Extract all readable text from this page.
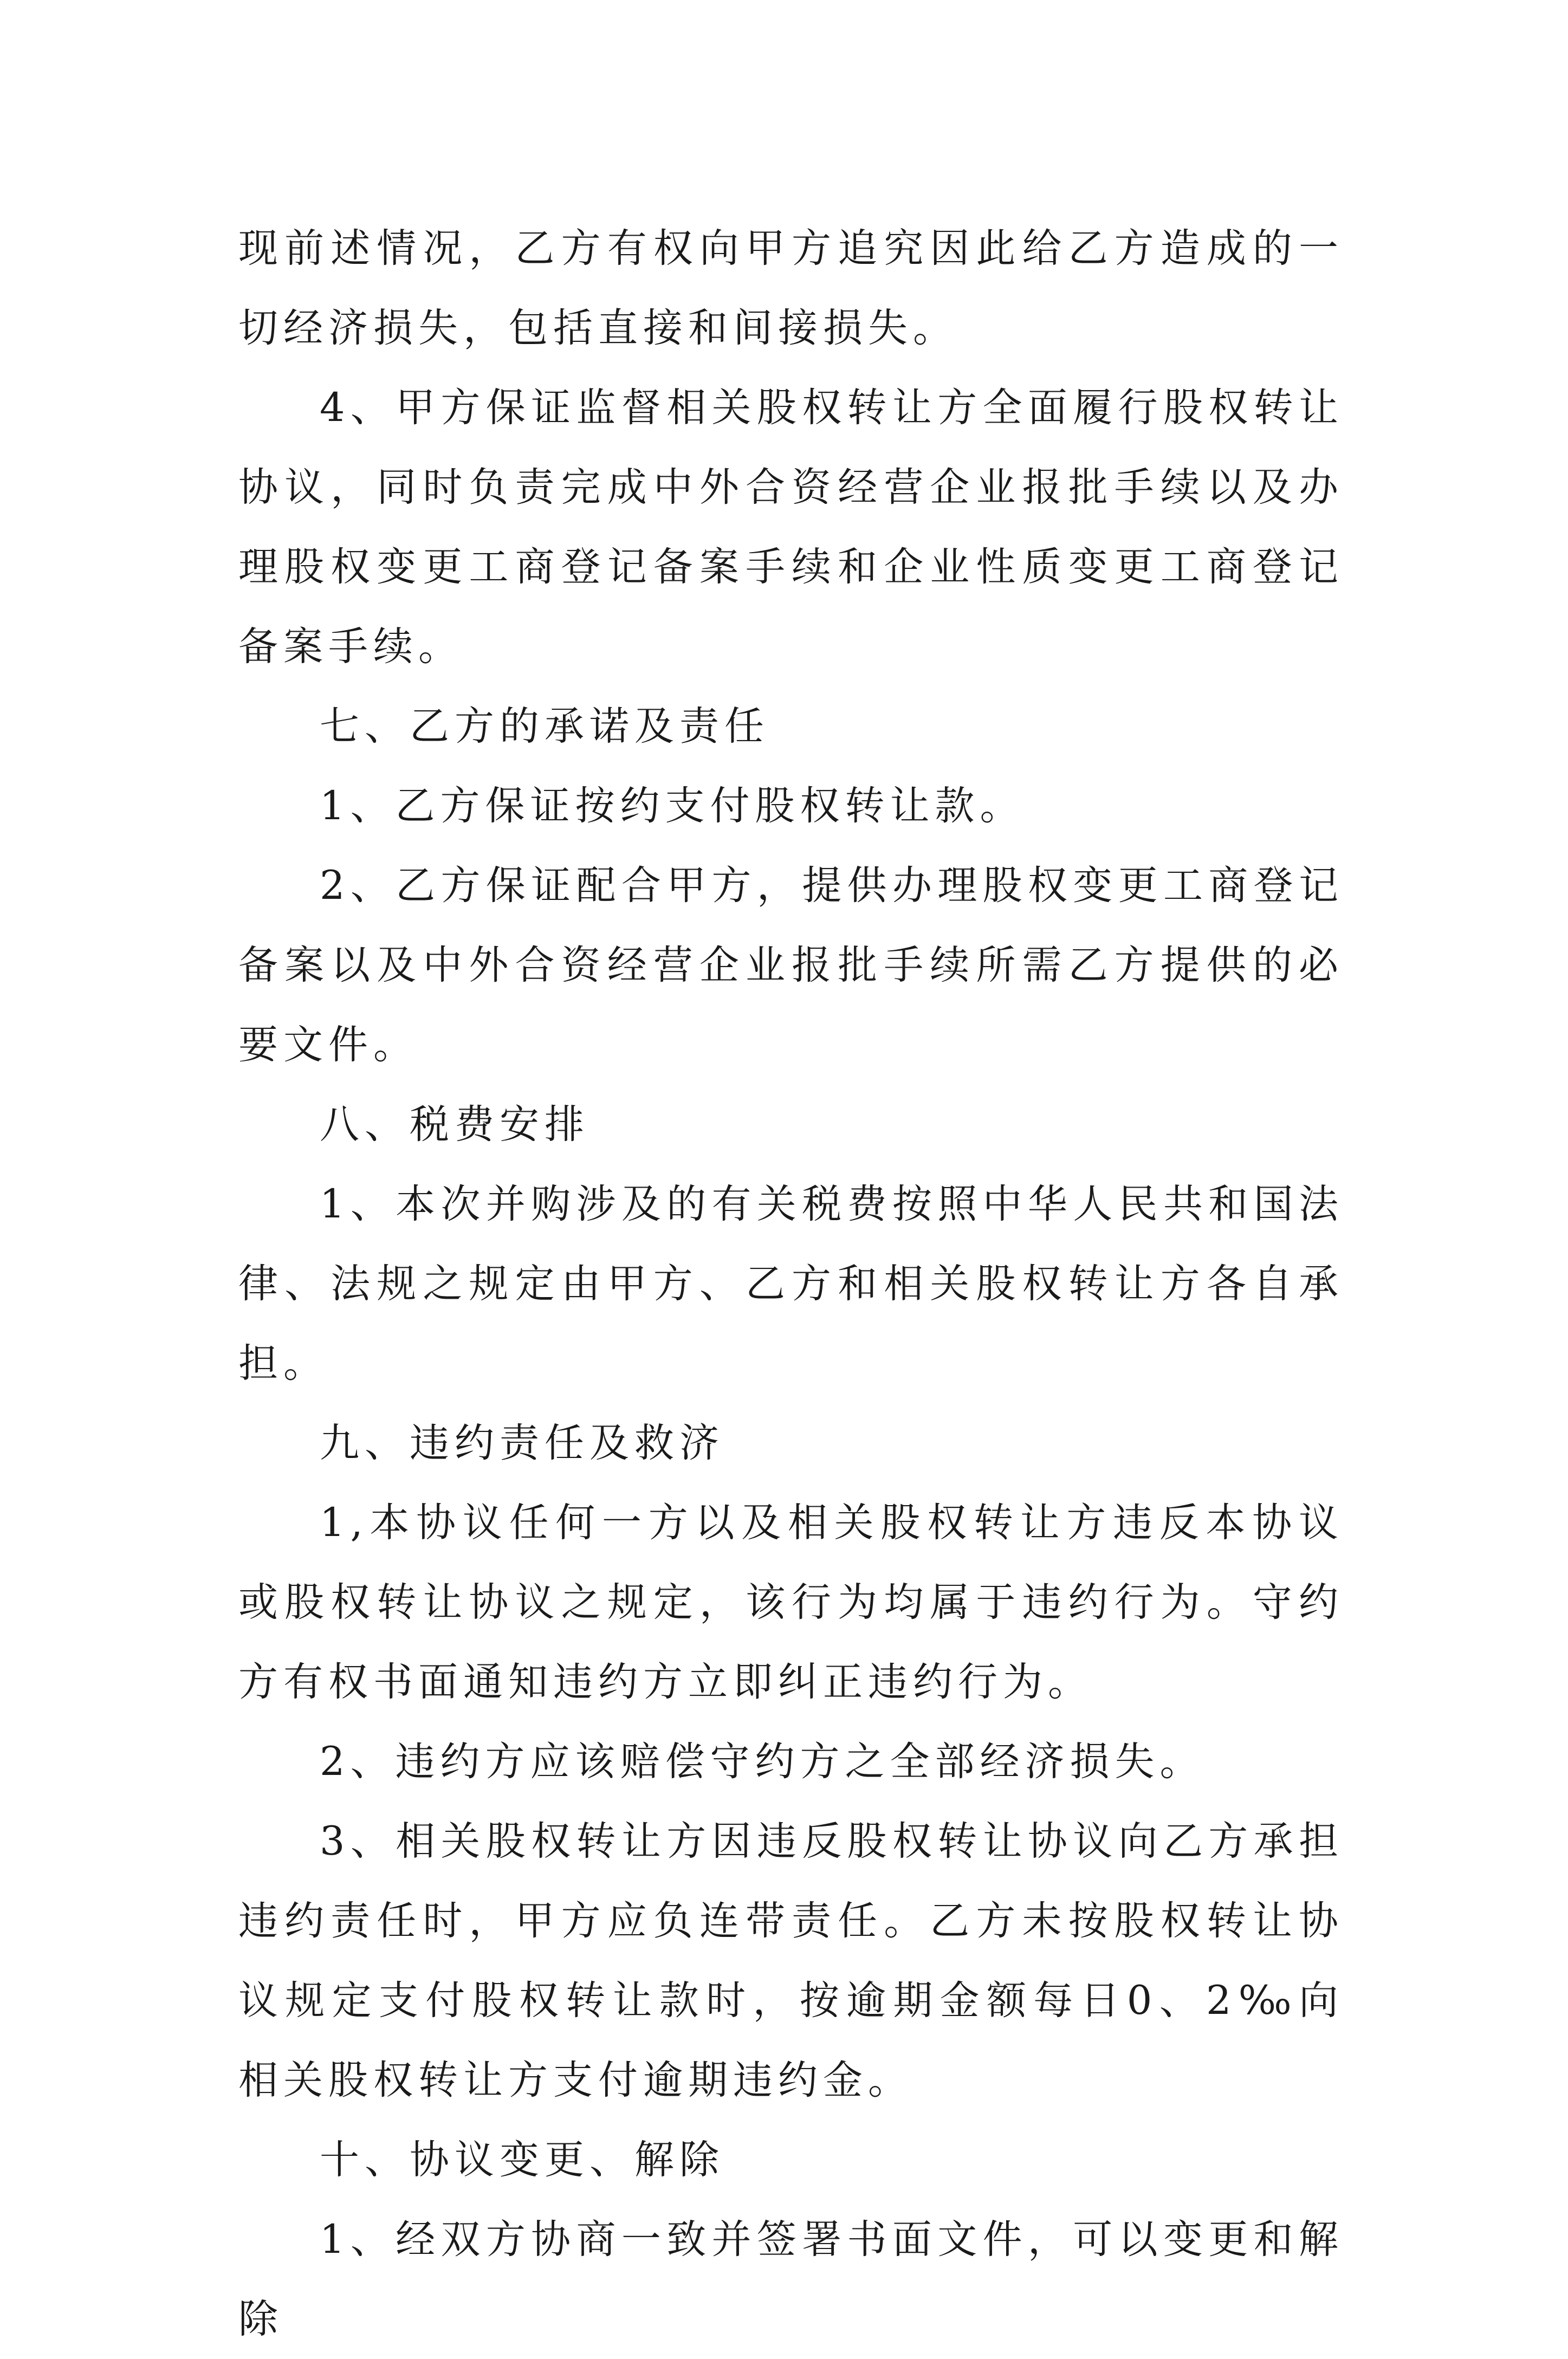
现前述情况，乙方有权向甲方追究因此给乙方造成的一切经济损失，包括直接和间接损失。

4、甲方保证监督相关股权转让方全面履行股权转让协议，同时负责完成中外合资经营企业报批手续以及办理股权变更工商登记备案手续和企业性质变更工商登记备案手续。

七、乙方的承诺及责任

1、乙方保证按约支付股权转让款。

2、乙方保证配合甲方，提供办理股权变更工商登记备案以及中外合资经营企业报批手续所需乙方提供的必要文件。

八、税费安排

1、本次并购涉及的有关税费按照中华人民共和国法律、法规之规定由甲方、乙方和相关股权转让方各自承担。

九、违约责任及救济

1,本协议任何一方以及相关股权转让方违反本协议或股权转让协议之规定，该行为均属于违约行为。守约方有权书面通知违约方立即纠正违约行为。

2、违约方应该赔偿守约方之全部经济损失。

3、相关股权转让方因违反股权转让协议向乙方承担违约责任时，甲方应负连带责任。乙方未按股权转让协议规定支付股权转让款时，按逾期金额每日0、2‰向相关股权转让方支付逾期违约金。

十、协议变更、解除

1、经双方协商一致并签署书面文件，可以变更和解除
